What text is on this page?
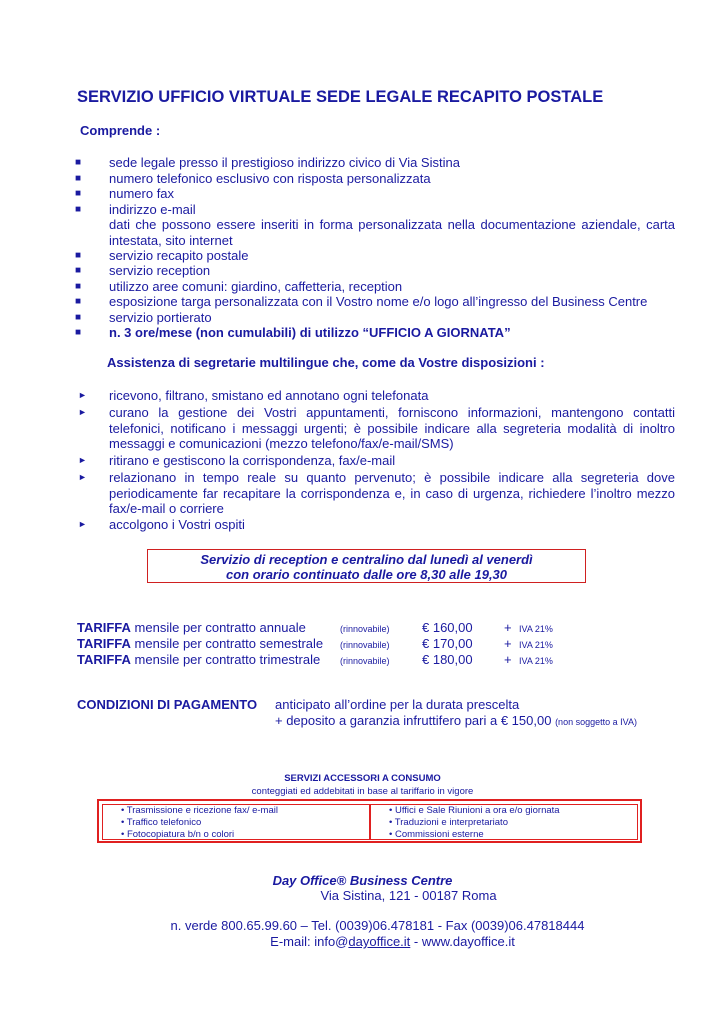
SERVIZIO UFFICIO VIRTUALE SEDE LEGALE RECAPITO POSTALE
Comprende :
■ sede legale presso il prestigioso indirizzo civico di Via Sistina
■ numero telefonico esclusivo con risposta personalizzata
■ numero fax
■ indirizzo e-mail
dati che possono essere inseriti in forma personalizzata nella documentazione aziendale, carta intestata, sito internet
■ servizio recapito postale
■ servizio reception
■ utilizzo aree comuni: giardino, caffetteria, reception
■ esposizione targa personalizzata con il Vostro nome e/o logo all’ingresso del Business Centre
■ servizio portierato
■ n. 3 ore/mese (non cumulabili) di utilizzo “UFFICIO A GIORNATA”
Assistenza di segretarie multilingue che, come da Vostre disposizioni :
► ricevono, filtrano, smistano ed annotano ogni telefonata
► curano la gestione dei Vostri appuntamenti, forniscono informazioni, mantengono contatti telefonici, notificano i messaggi urgenti; è possibile indicare alla segreteria modalità di inoltro messaggi e comunicazioni (mezzo telefono/fax/e-mail/SMS)
► ritirano e gestiscono la corrispondenza, fax/e-mail
► relazionano in tempo reale su quanto pervenuto; è possibile indicare alla segreteria dove periodicamente far recapitare la corrispondenza e, in caso di urgenza, richiedere l’inoltro mezzo fax/e-mail o corriere
► accolgono i Vostri ospiti
Servizio di reception e centralino dal lunedì al venerdì
con orario continuato dalle ore 8,30 alle 19,30
TARIFFA mensile per contratto annuale	(rinnovabile) € 160,00 + IVA 21%
TARIFFA mensile per contratto semestrale (rinnovabile) € 170,00 + IVA 21%
TARIFFA mensile per contratto trimestrale (rinnovabile) € 180,00 + IVA 21%
CONDIZIONI DI PAGAMENTO anticipato all’ordine per la durata prescelta
+ deposito a garanzia infruttifero pari a € 150,00 (non soggetto a IVA)
SERVIZI ACCESSORI A CONSUMO
conteggiati ed addebitati in base al tariffario in vigore
• Trasmissione e ricezione fax/ e-mail
• Traffico telefonico
• Fotocopiatura b/n o colori
• Uffici e Sale Riunioni a ora e/o giornata
• Traduzioni e interpretariato
• Commissioni esterne
Day Office® Business Centre
Via Sistina, 121 - 00187 Roma
n. verde 800.65.99.60 – Tel. (0039)06.478181 - Fax (0039)06.47818444
E-mail: info@dayoffice.it - www.dayoffice.it
